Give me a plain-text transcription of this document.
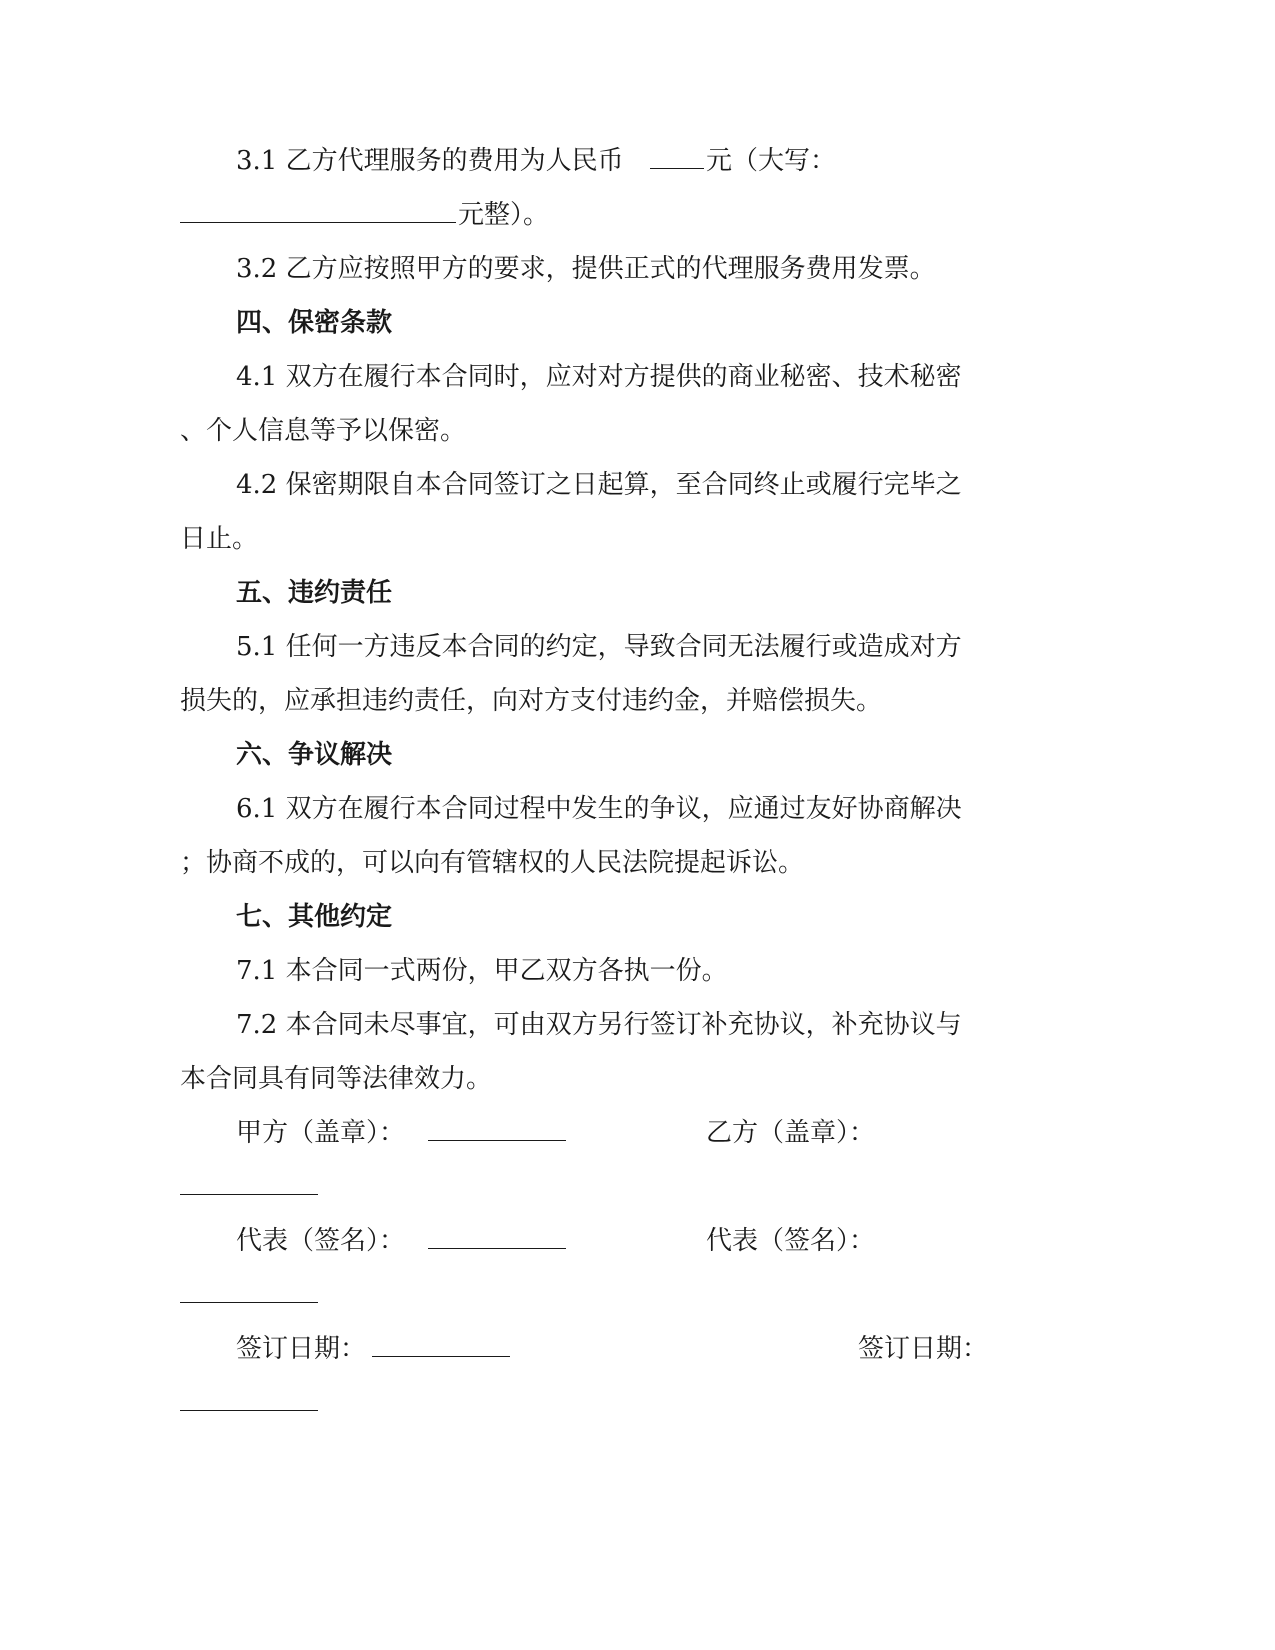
3.1 乙方代理服务的费用为人民币	元（大写：
元整）。
3.2 乙方应按照甲方的要求，提供正式的代理服务费用发票。
四、保密条款
4.1 双方在履行本合同时，应对对方提供的商业秘密、技术秘密
、个人信息等予以保密。
4.2 保密期限自本合同签订之日起算，至合同终止或履行完毕之
日止。
五、违约责任
5.1 任何一方违反本合同的约定，导致合同无法履行或造成对方
损失的，应承担违约责任，向对方支付违约金，并赔偿损失。
六、争议解决
6.1 双方在履行本合同过程中发生的争议，应通过友好协商解决
；协商不成的，可以向有管辖权的人民法院提起诉讼。
七、其他约定
7.1 本合同一式两份，甲乙双方各执一份。
7.2 本合同未尽事宜，可由双方另行签订补充协议，补充协议与
本合同具有同等法律效力。
甲方（盖章）：	乙方（盖章）：
代表（签名）：	代表（签名）：
签订日期：	签订日期：
